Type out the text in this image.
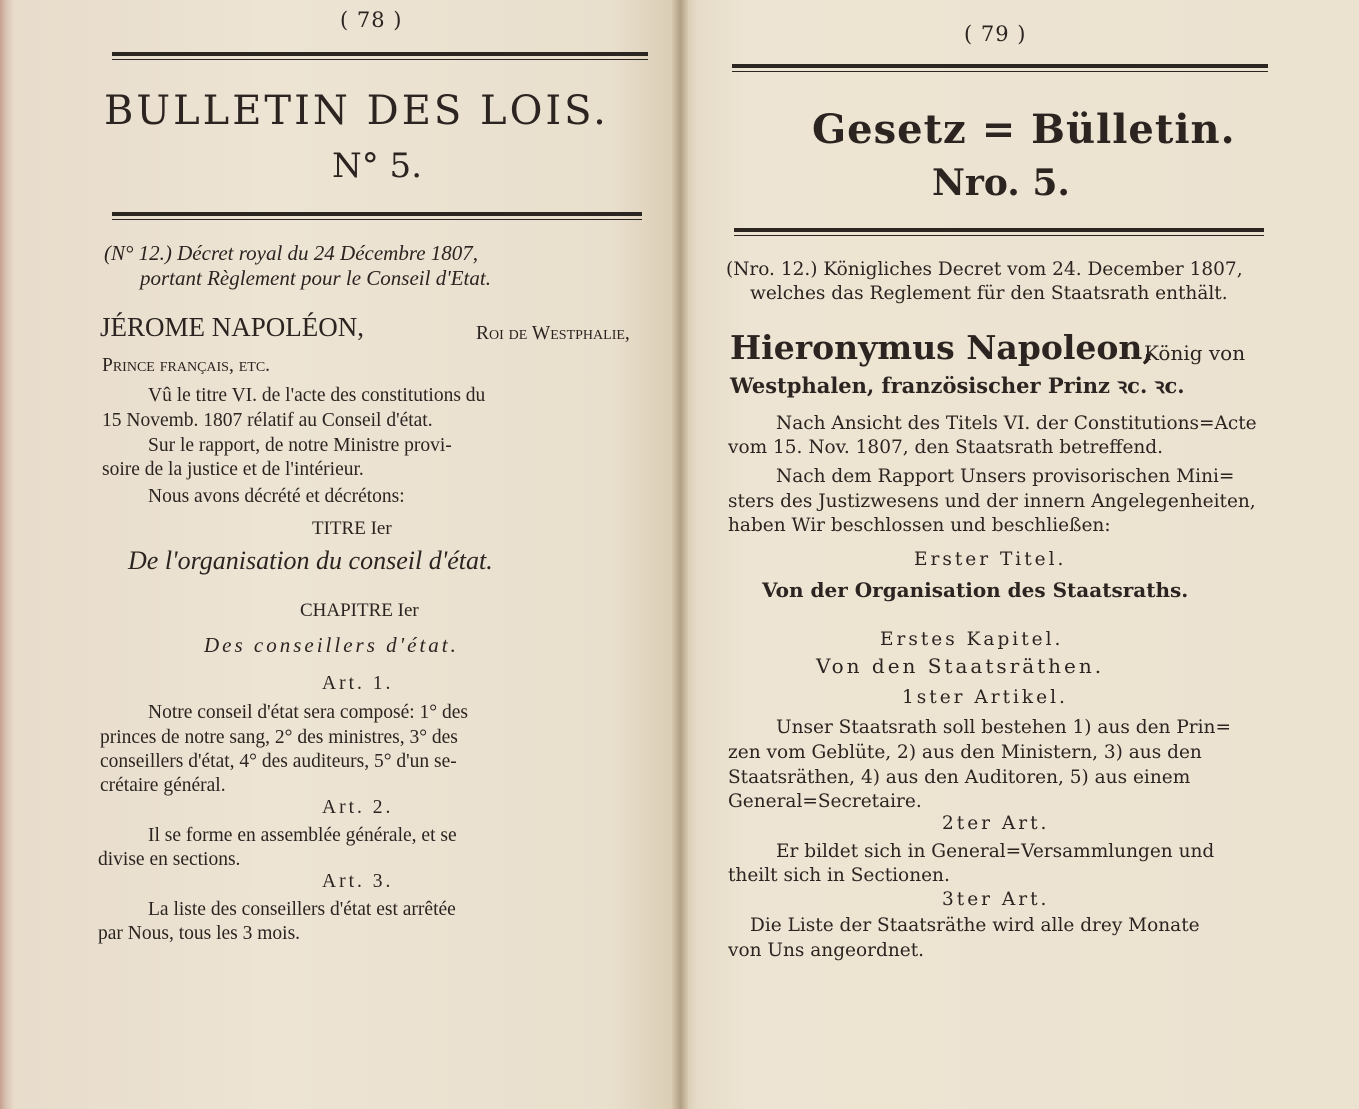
( 78 )
BULLETIN DES LOIS.
N° 5.
(N° 12.) Décret royal du 24 Décembre 1807,
portant Règlement pour le Conseil d'Etat.
JÉROME NAPOLÉON,	Roi de Westphalie,
Prince français, etc.
Vû le titre VI. de l'acte des constitutions du
15 Novemb. 1807 rélatif au Conseil d'état.
Sur le rapport, de notre Ministre provi-
soire de la justice et de l'intérieur.
Nous avons décrété et décrétons:
TITRE Ier
De l'organisation du conseil d'état.
CHAPITRE Ier
Des conseillers d'état.
Art. 1.
Notre conseil d'état sera composé: 1° des
princes de notre sang, 2° des ministres, 3° des
conseillers d'état, 4° des auditeurs, 5° d'un se-
crétaire général.
Art. 2.
Il se forme en assemblée générale, et se
divise en sections.
Art. 3.
La liste des conseillers d'état est arrêtée
par Nous, tous les 3 mois.
( 79 )
Gesetz = Bülletin.
Nro. 5.
(Nro. 12.) Königliches Decret vom 24. December 1807,
welches das Reglement für den Staatsrath enthält.
Hieronymus Napoleon,
König von
Westphalen, französischer Prinz ꝛc. ꝛc.
Nach Ansicht des Titels VI. der Constitutions=Acte
vom 15. Nov. 1807, den Staatsrath betreffend.
Nach dem Rapport Unsers provisorischen Mini=
sters des Justizwesens und der innern Angelegenheiten,
haben Wir beschlossen und beschließen:
Erster Titel.
Von der Organisation des Staatsraths.
Erstes Kapitel.
Von den Staatsräthen.
1ster Artikel.
Unser Staatsrath soll bestehen 1) aus den Prin=
zen vom Geblüte, 2) aus den Ministern, 3) aus den
Staatsräthen, 4) aus den Auditoren, 5) aus einem
General=Secretaire.
2ter Art.
Er bildet sich in General=Versammlungen und
theilt sich in Sectionen.
3ter Art.
Die Liste der Staatsräthe wird alle drey Monate
von Uns angeordnet.
